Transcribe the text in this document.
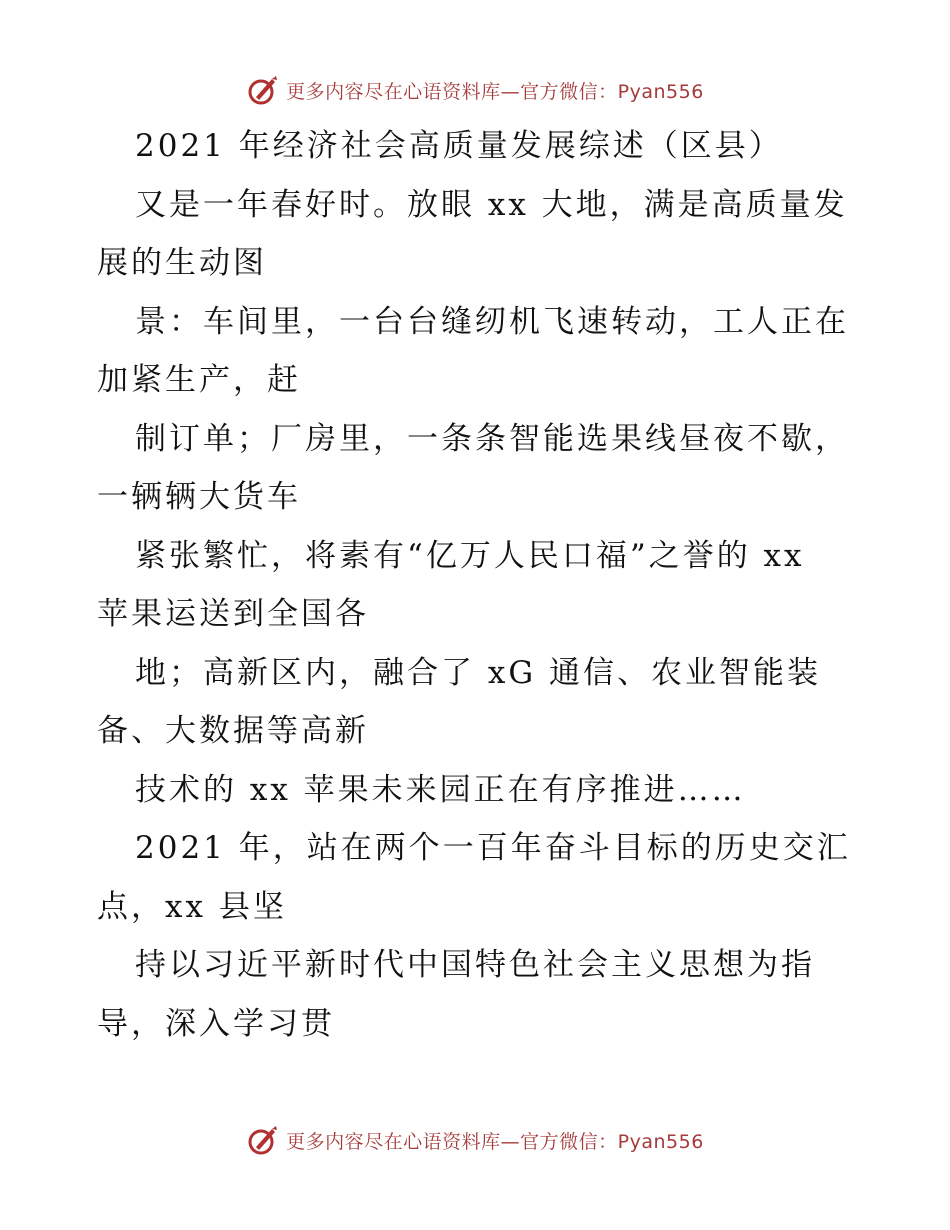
更多内容尽在心语资料库—官方微信：Pyan556
2021 年经济社会高质量发展综述（区县）
又是一年春好时。放眼 xx 大地，满是高质量发
展的生动图
景：车间里，一台台缝纫机飞速转动，工人正在
加紧生产，赶
制订单；厂房里，一条条智能选果线昼夜不歇，
一辆辆大货车
紧张繁忙，将素有“亿万人民口福”之誉的 xx
苹果运送到全国各
地；高新区内，融合了 xG 通信、农业智能装
备、大数据等高新
技术的 xx 苹果未来园正在有序推进……
2021 年，站在两个一百年奋斗目标的历史交汇
点，xx 县坚
持以习近平新时代中国特色社会主义思想为指
导，深入学习贯
更多内容尽在心语资料库—官方微信：Pyan556
